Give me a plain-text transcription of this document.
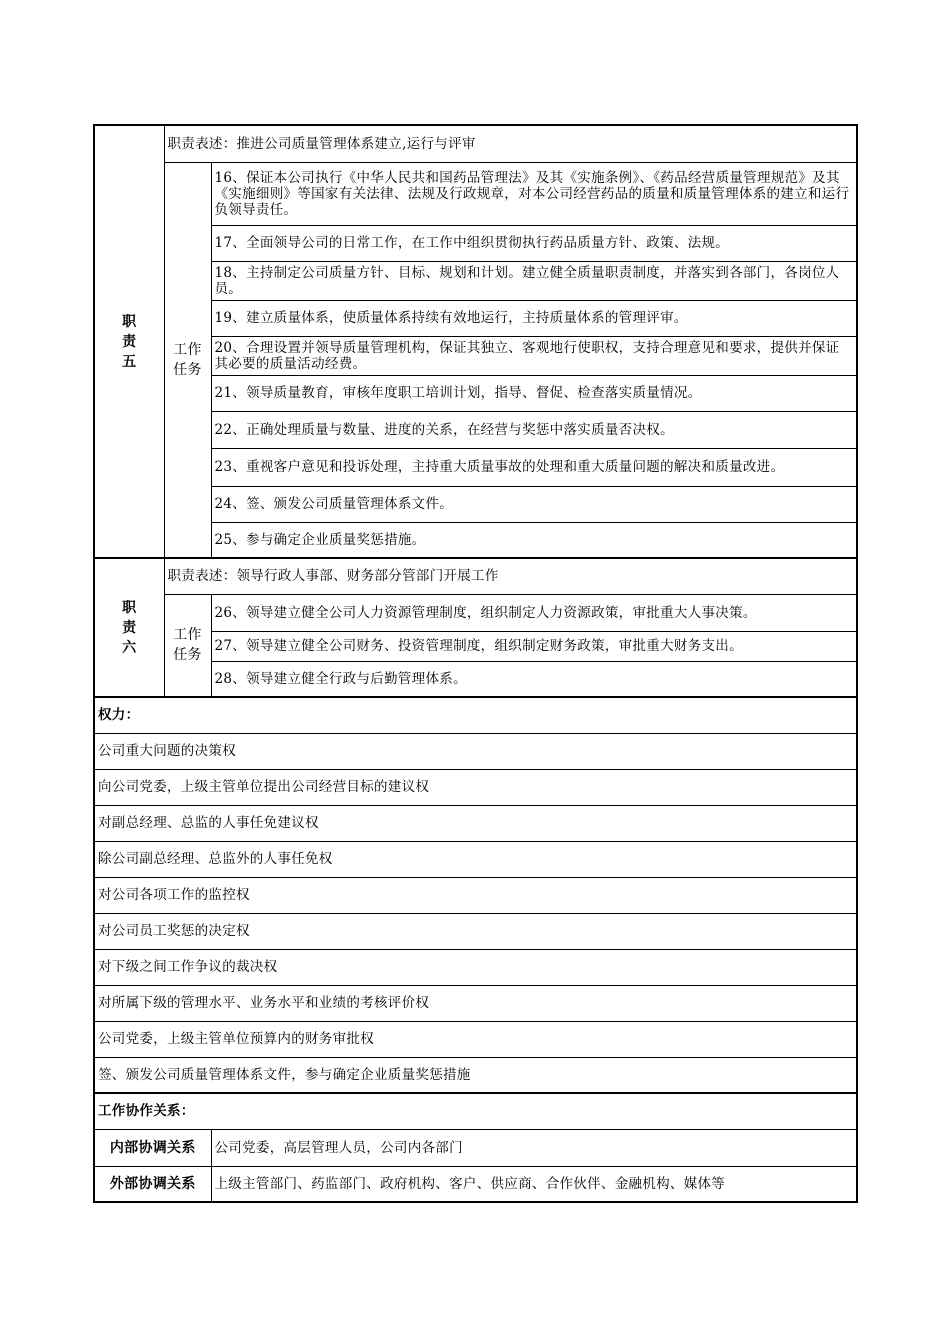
职
责
五	职责表述：推进公司质量管理体系建立,运行与评审	

	工作
任务	16、保证本公司执行《中华人民共和国药品管理法》及其《实施条例》、《药品经营质量管理规范》及其《实施细则》等国家有关法律、法规及行政规章，对本公司经营药品的质量和质量管理体系的建立和运行负领导责任。
		17、全面领导公司的日常工作，在工作中组织贯彻执行药品质量方针、政策、法规。
		18、主持制定公司质量方针、目标、规划和计划。建立健全质量职责制度，并落实到各部门，各岗位人员。
		19、建立质量体系，使质量体系持续有效地运行，主持质量体系的管理评审。
		20、合理设置并领导质量管理机构，保证其独立、客观地行使职权，支持合理意见和要求，提供并保证其必要的质量活动经费。
		21、领导质量教育，审核年度职工培训计划，指导、督促、检查落实质量情况。
		22、正确处理质量与数量、进度的关系，在经营与奖惩中落实质量否决权。
		23、重视客户意见和投诉处理，主持重大质量事故的处理和重大质量问题的解决和质量改进。
		24、签、颁发公司质量管理体系文件。
		25、参与确定企业质量奖惩措施。
职
责
六	职责表述：领导行政人事部、财务部分管部门开展工作	

	工作
任务	26、领导建立健全公司人力资源管理制度，组织制定人力资源政策，审批重大人事决策。
		27、领导建立健全公司财务、投资管理制度，组织制定财务政策，审批重大财务支出。
		28、领导建立健全行政与后勤管理体系。
权力：
公司重大问题的决策权
向公司党委，上级主管单位提出公司经营目标的建议权
对副总经理、总监的人事任免建议权
除公司副总经理、总监外的人事任免权
对公司各项工作的监控权
对公司员工奖惩的决定权
对下级之间工作争议的裁决权
对所属下级的管理水平、业务水平和业绩的考核评价权
公司党委，上级主管单位预算内的财务审批权
签、颁发公司质量管理体系文件，参与确定企业质量奖惩措施
工作协作关系：	
内部协调关系	公司党委，高层管理人员，公司内各部门
外部协调关系	上级主管部门、药监部门、政府机构、客户、供应商、合作伙伴、金融机构、媒体等
